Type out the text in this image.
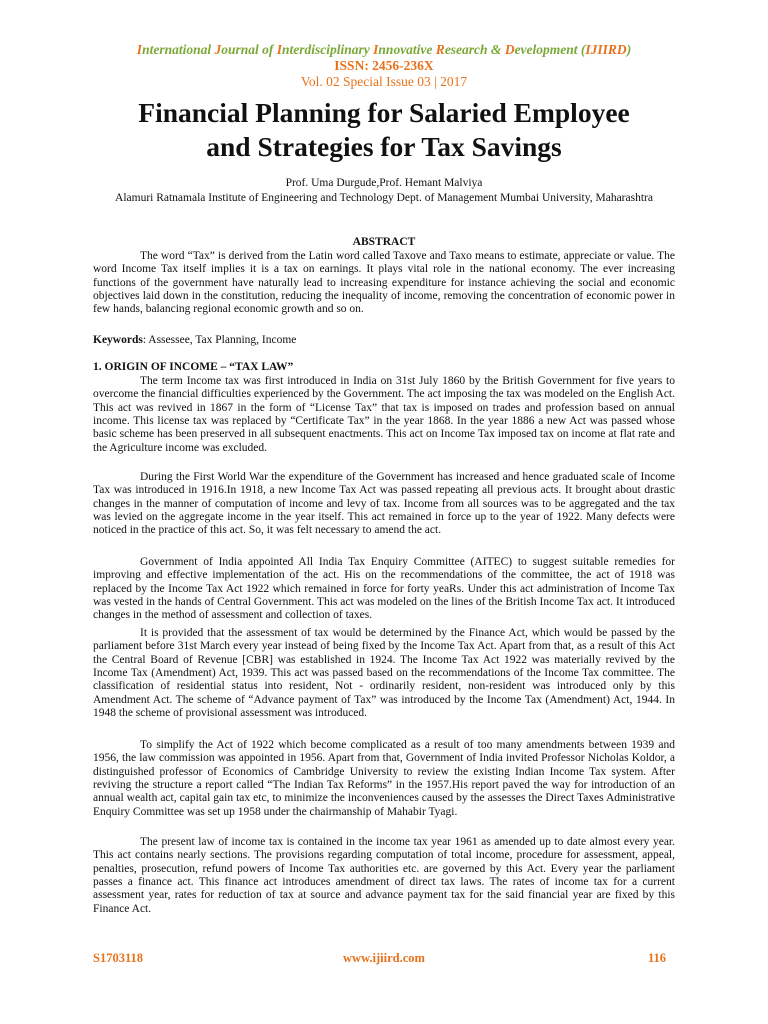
International Journal of Interdisciplinary Innovative Research & Development (IJIIRD)
ISSN: 2456-236X
Vol. 02 Special Issue 03 | 2017
Financial Planning for Salaried Employee
and Strategies for Tax Savings
Prof. Uma Durgude,Prof. Hemant Malviya
Alamuri Ratnamala Institute of Engineering and Technology Dept. of Management Mumbai University, Maharashtra
ABSTRACT
The word “Tax” is derived from the Latin word called Taxove and Taxo means to estimate, appreciate or value. The word Income Tax itself implies it is a tax on earnings. It plays vital role in the national economy. The ever increasing functions of the government have naturally lead to increasing expenditure for instance achieving the social and economic objectives laid down in the constitution, reducing the inequality of income, removing the concentration of economic power in few hands, balancing regional economic growth and so on.
Keywords: Assessee, Tax Planning, Income
1. ORIGIN OF INCOME – “TAX LAW”
The term Income tax was first introduced in India on 31st July 1860 by the British Government for five years to overcome the financial difficulties experienced by the Government. The act imposing the tax was modeled on the English Act. This act was revived in 1867 in the form of “License Tax” that tax is imposed on trades and profession based on annual income. This license tax was replaced by “Certificate Tax” in the year 1868. In the year 1886 a new Act was passed whose basic scheme has been preserved in all subsequent enactments. This act on Income Tax imposed tax on income at flat rate and the Agriculture income was excluded.
During the First World War the expenditure of the Government has increased and hence graduated scale of Income Tax was introduced in 1916.In 1918, a new Income Tax Act was passed repeating all previous acts. It brought about drastic changes in the manner of computation of income and levy of tax. Income from all sources was to be aggregated and the tax was levied on the aggregate income in the year itself. This act remained in force up to the year of 1922. Many defects were noticed in the practice of this act. So, it was felt necessary to amend the act.
Government of India appointed All India Tax Enquiry Committee (AITEC) to suggest suitable remedies for improving and effective implementation of the act. His on the recommendations of the committee, the act of 1918 was replaced by the Income Tax Act 1922 which remained in force for forty yeaRs. Under this act administration of Income Tax was vested in the hands of Central Government. This act was modeled on the lines of the British Income Tax act. It introduced changes in the method of assessment and collection of taxes.
It is provided that the assessment of tax would be determined by the Finance Act, which would be passed by the parliament before 31st March every year instead of being fixed by the Income Tax Act. Apart from that, as a result of this Act the Central Board of Revenue [CBR] was established in 1924. The Income Tax Act 1922 was materially revived by the Income Tax (Amendment) Act, 1939. This act was passed based on the recommendations of the Income Tax committee. The classification of residential status into resident, Not - ordinarily resident, non-resident was introduced only by this Amendment Act. The scheme of “Advance payment of Tax” was introduced by the Income Tax (Amendment) Act, 1944. In 1948 the scheme of provisional assessment was introduced.
To simplify the Act of 1922 which become complicated as a result of too many amendments between 1939 and 1956, the law commission was appointed in 1956. Apart from that, Government of India invited Professor Nicholas Koldor, a distinguished professor of Economics of Cambridge University to review the existing Indian Income Tax system. After reviving the structure a report called “The Indian Tax Reforms” in the 1957.His report paved the way for introduction of an annual wealth act, capital gain tax etc, to minimize the inconveniences caused by the assesses the Direct Taxes Administrative Enquiry Committee was set up 1958 under the chairmanship of Mahabir Tyagi.
The present law of income tax is contained in the income tax year 1961 as amended up to date almost every year. This act contains nearly sections. The provisions regarding computation of total income, procedure for assessment, appeal, penalties, prosecution, refund powers of Income Tax authorities etc. are governed by this Act. Every year the parliament passes a finance act. This finance act introduces amendment of direct tax laws. The rates of income tax for a current assessment year, rates for reduction of tax at source and advance payment tax for the said financial year are fixed by this Finance Act.
S1703118	www.ijiird.com	116
